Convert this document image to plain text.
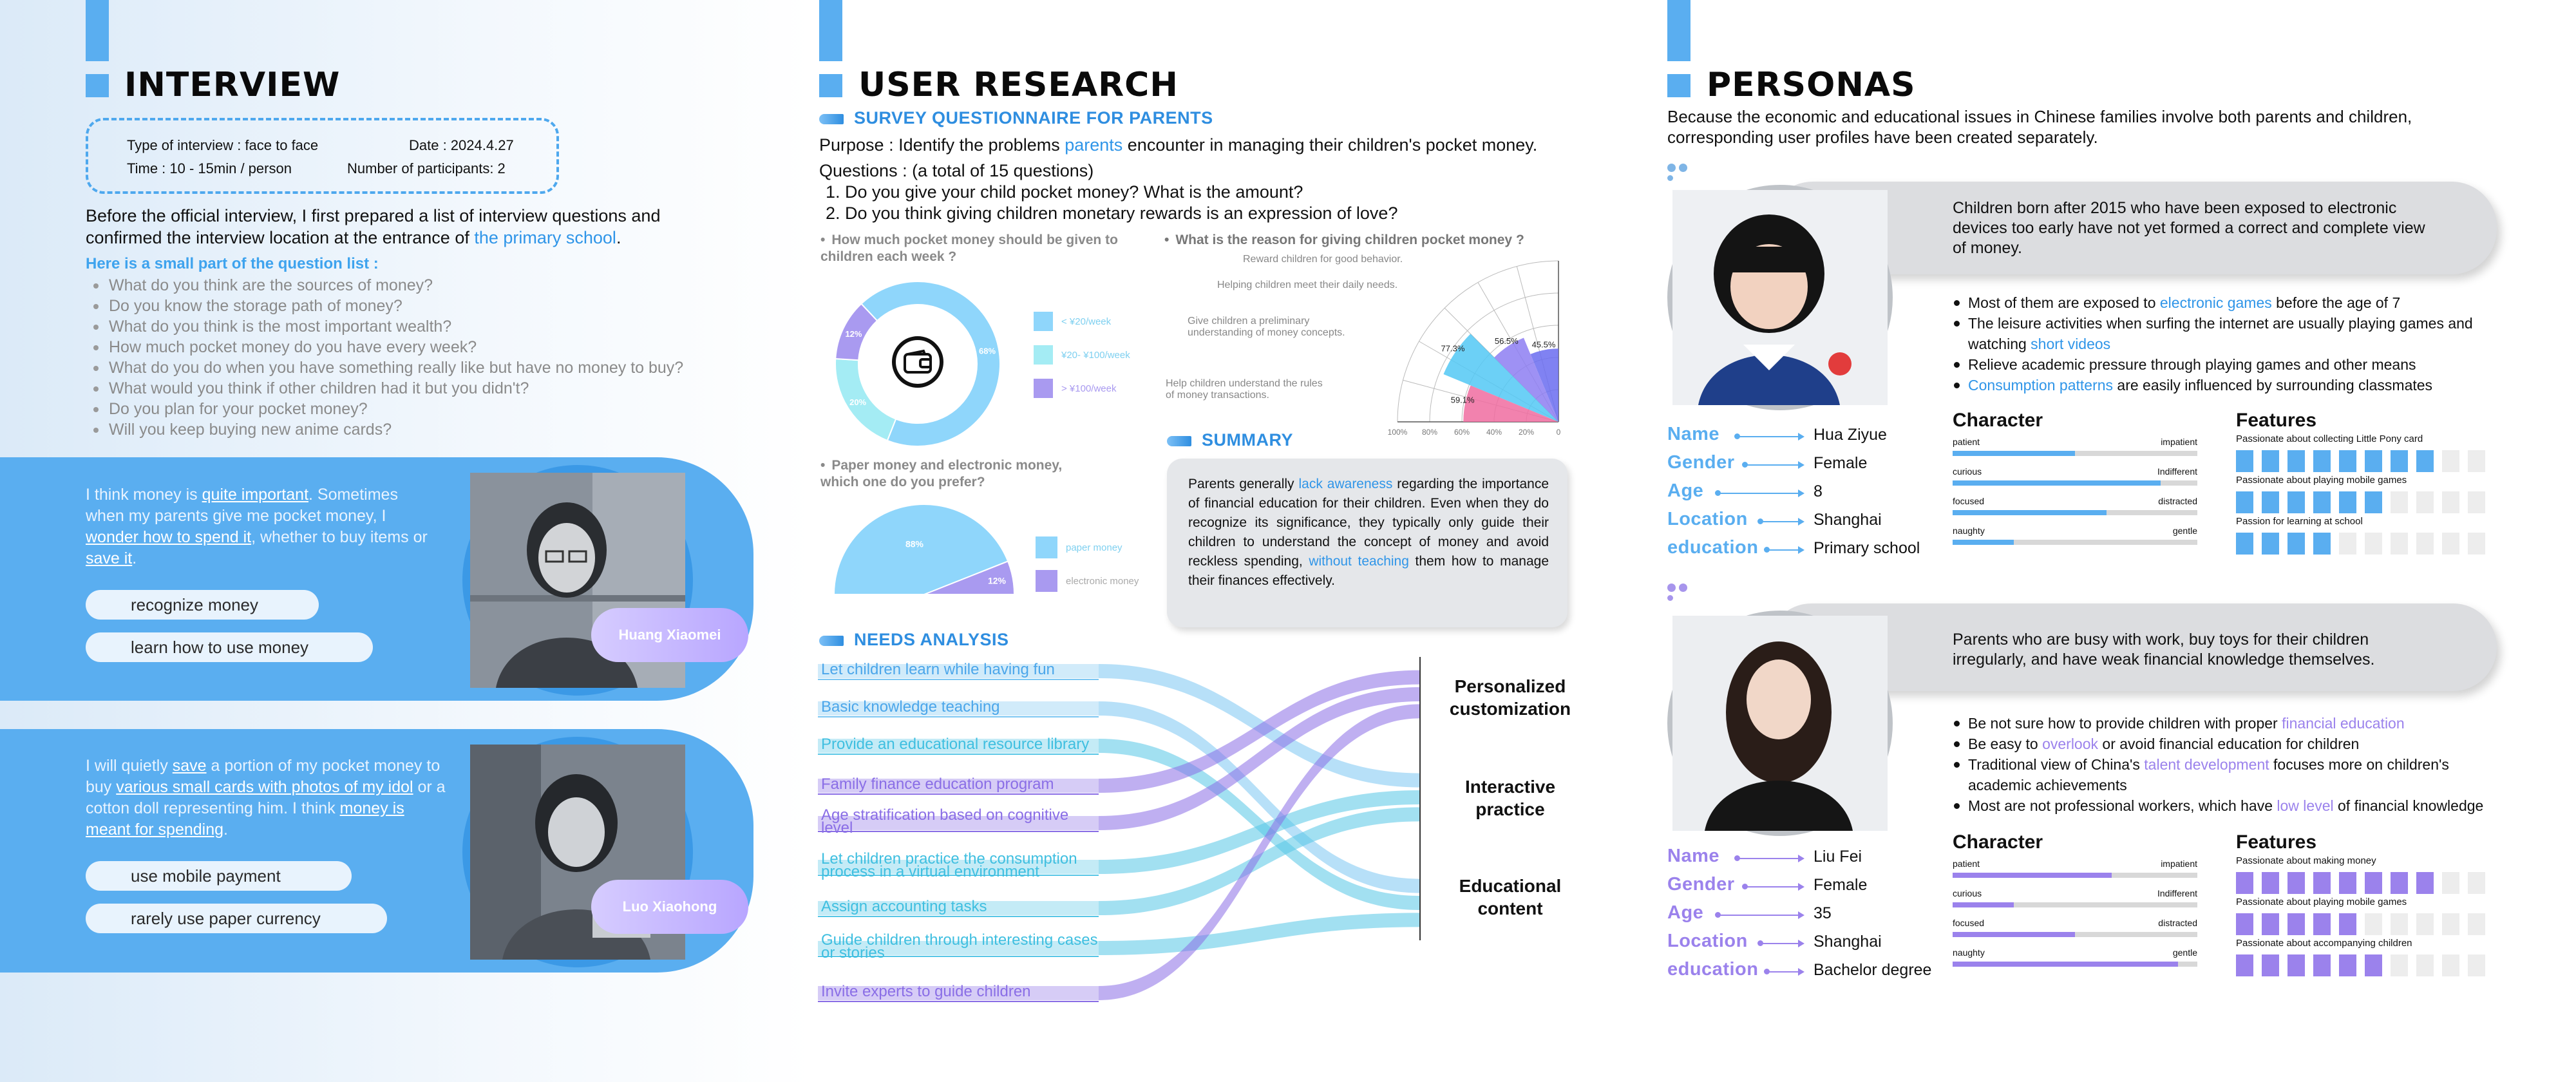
INTERVIEW
Type of interview : face to face	Date : 2024.4.27
Time : 10 - 15min / person	Number of participants: 2
Before the official interview, I first prepared a list of interview questions and confirmed the interview location at the entrance of the primary school.
Here is a small part of the question list :
What do you think are the sources of money?
Do you know the storage path of money?
What do you think is the most important wealth?
How much pocket money do you have every week?
What do you do when you have something really like but have no money to buy?
What would you think if other children had it but you didn't?
Do you plan for your pocket money?
Will you keep buying new anime cards?
I think money is quite important. Sometimes when my parents give me pocket money, I wonder how to spend it, whether to buy items or save it.
recognize money
learn how to use money
Huang Xiaomei
I will quietly save a portion of my pocket money to buy various small cards with photos of my idol or a cotton doll representing him. I think money is meant for spending.
use mobile payment
rarely use paper currency
Luo Xiaohong
USER RESEARCH
SURVEY QUESTIONNAIRE FOR PARENTS
Purpose : Identify the problems parents encounter in managing their children's pocket money.
Questions : (a total of 15 questions)
1. Do you give your child pocket money? What is the amount?
2. Do you think giving children monetary rewards is an expression of love?
• How much pocket money should be given to children each week ?
68%
20%
12%
< ¥20/week
¥20- ¥100/week
> ¥100/week
• What is the reason for giving children pocket money ?
100% 80% 60% 40% 20%	0
45.5%
Reward children for good behavior.
56.5%
Helping children meet their daily needs.
77.3%
Give children a preliminary
understanding of money concepts.
59.1%
Help children understand the rules
of money transactions.
• Paper money and electronic money, which one do you prefer?
88%
12%
paper money
electronic money
SUMMARY
Parents generally lack awareness regarding the importance of financial education for their children. Even when they do recognize its significance, they typically only guide their children to understand the concept of money and avoid reckless spending, without teaching them how to manage their finances effectively.
NEEDS ANALYSIS
Let children learn while having fun
Basic knowledge teaching
Provide an educational resource library
Family finance education program
Age stratification based on cognitive level
Let children practice the consumption process in a virtual environment
Assign accounting tasks
Guide children through interesting cases or stories
Invite experts to guide children
Personalized customization
Interactive practice
Educational content
PERSONAS
Because the economic and educational issues in Chinese families involve both parents and children, corresponding user profiles have been created separately.
Children born after 2015 who have been exposed to electronic devices too early have not yet formed a correct and complete view of money.
Most of them are exposed to electronic games before the age of 7
The leisure activities when surfing the internet are usually playing games and watching short videos
Relieve academic pressure through playing games and other means
Consumption patterns are easily influenced by surrounding classmates
Parents who are busy with work, buy toys for their children irregularly, and have weak financial knowledge themselves.
Be not sure how to provide children with proper financial education
Be easy to overlook or avoid financial education for children
Traditional view of China's talent development focuses more on children's academic achievements
Most are not professional workers, which have low level of financial knowledge
Name	Hua Ziyue
Gender	Female
Age	8
Location	Shanghai
education	Primary school
Character
patient	impatient
curious	Indifferent
focused	distracted
naughty	gentle
Features
Passionate about collecting Little Pony card
Passionate about playing mobile games
Passion for learning at school
Name	Liu Fei
Gender	Female
Age	35
Location	Shanghai
education	Bachelor degree
Character
patient	impatient
curious	Indifferent
focused	distracted
naughty	gentle
Features
Passionate about making money
Passionate about playing mobile games
Passionate about accompanying children
